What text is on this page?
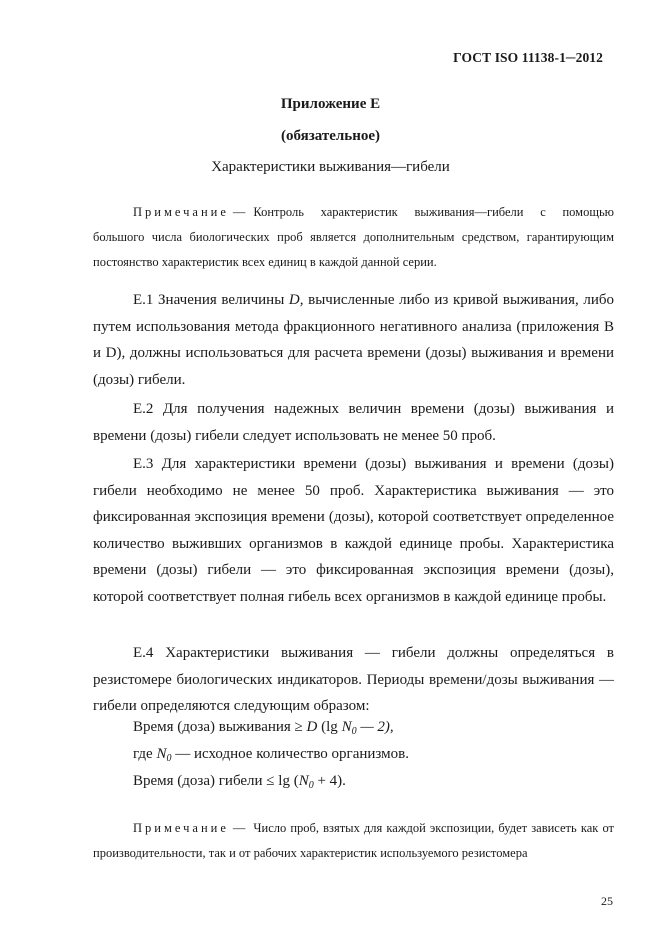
ГОСТ ISO 11138-1─2012
Приложение Е
(обязательное)
Характеристики выживания—гибели
Примечание — Контроль характеристик выживания—гибели с помощью большого числа биологических проб является дополнительным средством, гарантирующим постоянство характеристик всех единиц в каждой данной серии.

Е.1 Значения величины D, вычисленные либо из кривой выживания, либо путем использования метода фракционного негативного анализа (приложения В и D), должны использоваться для расчета времени (дозы) выживания и времени (дозы) гибели.

Е.2 Для получения надежных величин времени (дозы) выживания и времени (дозы) гибели следует использовать не менее 50 проб.

Е.3 Для характеристики времени (дозы) выживания и времени (дозы) гибели необходимо не менее 50 проб. Характеристика выживания — это фиксированная экспозиция времени (дозы), которой соответствует определенное количество выживших организмов в каждой единице пробы. Характеристика времени (дозы) гибели — это фиксированная экспозиция времени (дозы), которой соответствует полная гибель всех организмов в каждой единице пробы.

Е.4 Характеристики выживания — гибели должны определяться в резистомере биологических индикаторов. Периоды времени/дозы выживания — гибели определяются следующим образом:

Время (доза) выживания ≥ D (lg $N_0$ — 2),
где $N_0$ — исходное количество организмов.
Время (доза) гибели ≤ $\lg (N_0 + 4)$.
Примечание — Число проб, взятых для каждой экспозиции, будет зависеть как от производительности, так и от рабочих характеристик используемого резистомера
25
